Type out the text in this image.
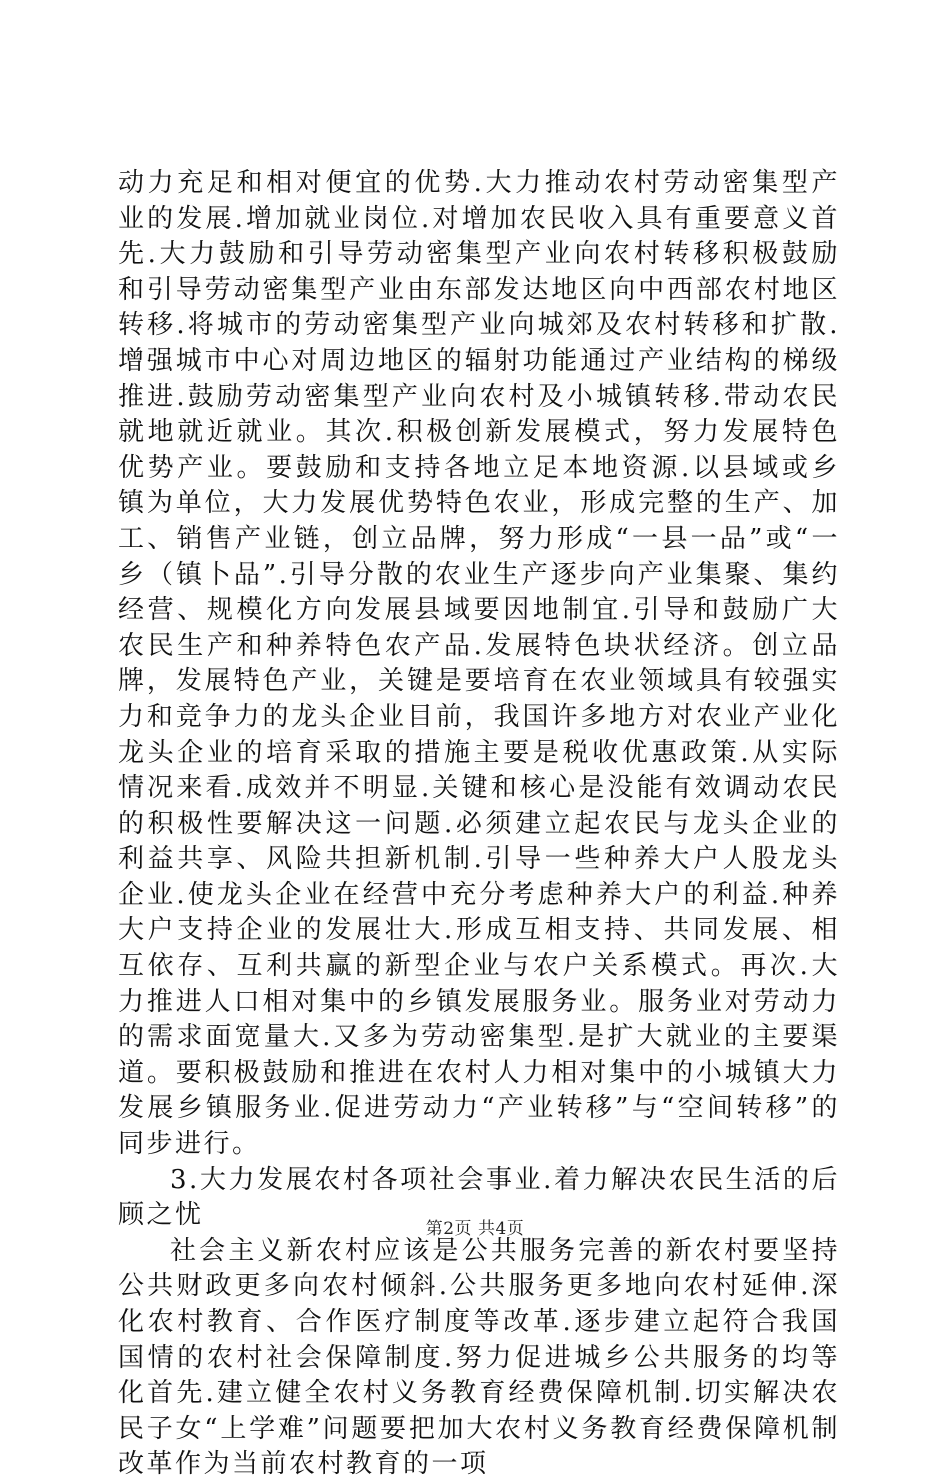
动力充足和相对便宜的优势.大力推动农村劳动密集型产业的发展.增加就业岗位.对增加农民收入具有重要意义首先.大力鼓励和引导劳动密集型产业向农村转移积极鼓励和引导劳动密集型产业由东部发达地区向中西部农村地区转移.将城市的劳动密集型产业向城郊及农村转移和扩散.增强城市中心对周边地区的辐射功能通过产业结构的梯级推进.鼓励劳动密集型产业向农村及小城镇转移.带动农民就地就近就业。其次.积极创新发展模式，努力发展特色优势产业。要鼓励和支持各地立足本地资源.以县域或乡镇为单位，大力发展优势特色农业，形成完整的生产、加工、销售产业链，创立品牌，努力形成“一县一品”或“一乡（镇卜品”.引导分散的农业生产逐步向产业集聚、集约经营、规模化方向发展县域要因地制宜.引导和鼓励广大农民生产和种养特色农产品.发展特色块状经济。创立品牌，发展特色产业，关键是要培育在农业领域具有较强实力和竞争力的龙头企业目前，我国许多地方对农业产业化龙头企业的培育采取的措施主要是税收优惠政策.从实际情况来看.成效并不明显.关键和核心是没能有效调动农民的积极性要解决这一问题.必须建立起农民与龙头企业的利益共享、风险共担新机制.引导一些种养大户人股龙头企业.使龙头企业在经营中充分考虑种养大户的利益.种养大户支持企业的发展壮大.形成互相支持、共同发展、相互依存、互利共赢的新型企业与农户关系模式。再次.大力推进人口相对集中的乡镇发展服务业。服务业对劳动力的需求面宽量大.又多为劳动密集型.是扩大就业的主要渠道。要积极鼓励和推进在农村人力相对集中的小城镇大力发展乡镇服务业.促进劳动力“产业转移”与“空间转移”的同步进行。

3.大力发展农村各项社会事业.着力解决农民生活的后顾之忧

社会主义新农村应该是公共服务完善的新农村要坚持公共财政更多向农村倾斜.公共服务更多地向农村延伸.深化农村教育、合作医疗制度等改革.逐步建立起符合我国国情的农村社会保障制度.努力促进城乡公共服务的均等化首先.建立健全农村义务教育经费保障机制.切实解决农民子女“上学难”问题要把加大农村义务教育经费保障机制改革作为当前农村教育的一项

第2页 共4页
